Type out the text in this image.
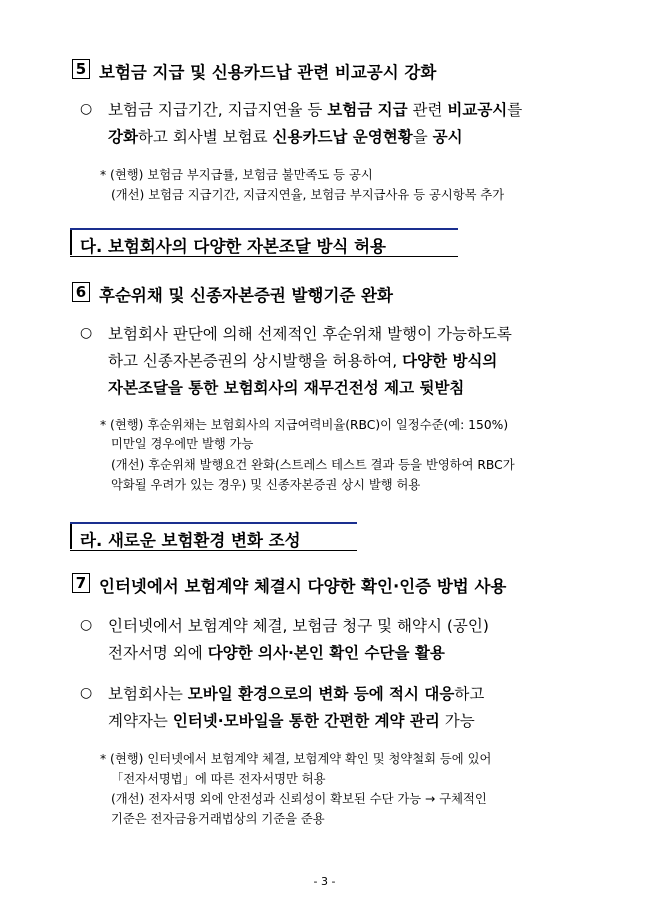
5 보험금 지급 및 신용카드납 관련 비교공시 강화
○ 보험금 지급기간, 지급지연율 등 보험금 지급 관련 비교공시를
강화하고 회사별 보험료 신용카드납 운영현황을 공시
* (현행) 보험금 부지급률, 보험금 불만족도 등 공시
(개선) 보험금 지급기간, 지급지연율, 보험금 부지급사유 등 공시항목 추가
다. 보험회사의 다양한 자본조달 방식 허용
6 후순위채 및 신종자본증권 발행기준 완화
○ 보험회사 판단에 의해 선제적인 후순위채 발행이 가능하도록
하고 신종자본증권의 상시발행을 허용하여, 다양한 방식의
자본조달을 통한 보험회사의 재무건전성 제고 뒷받침
* (현행) 후순위채는 보험회사의 지급여력비율(RBC)이 일정수준(예: 150%)
미만일 경우에만 발행 가능
(개선) 후순위채 발행요건 완화(스트레스 테스트 결과 등을 반영하여 RBC가
악화될 우려가 있는 경우) 및 신종자본증권 상시 발행 허용
라. 새로운 보험환경 변화 조성
7 인터넷에서 보험계약 체결시 다양한 확인·인증 방법 사용
○ 인터넷에서 보험계약 체결, 보험금 청구 및 해약시 (공인)
전자서명 외에 다양한 의사·본인 확인 수단을 활용
○ 보험회사는 모바일 환경으로의 변화 등에 적시 대응하고
계약자는 인터넷·모바일을 통한 간편한 계약 관리 가능
* (현행) 인터넷에서 보험계약 체결, 보험계약 확인 및 청약철회 등에 있어
「전자서명법」에 따른 전자서명만 허용
(개선) 전자서명 외에 안전성과 신뢰성이 확보된 수단 가능 → 구체적인
기준은 전자금융거래법상의 기준을 준용
- 3 -
